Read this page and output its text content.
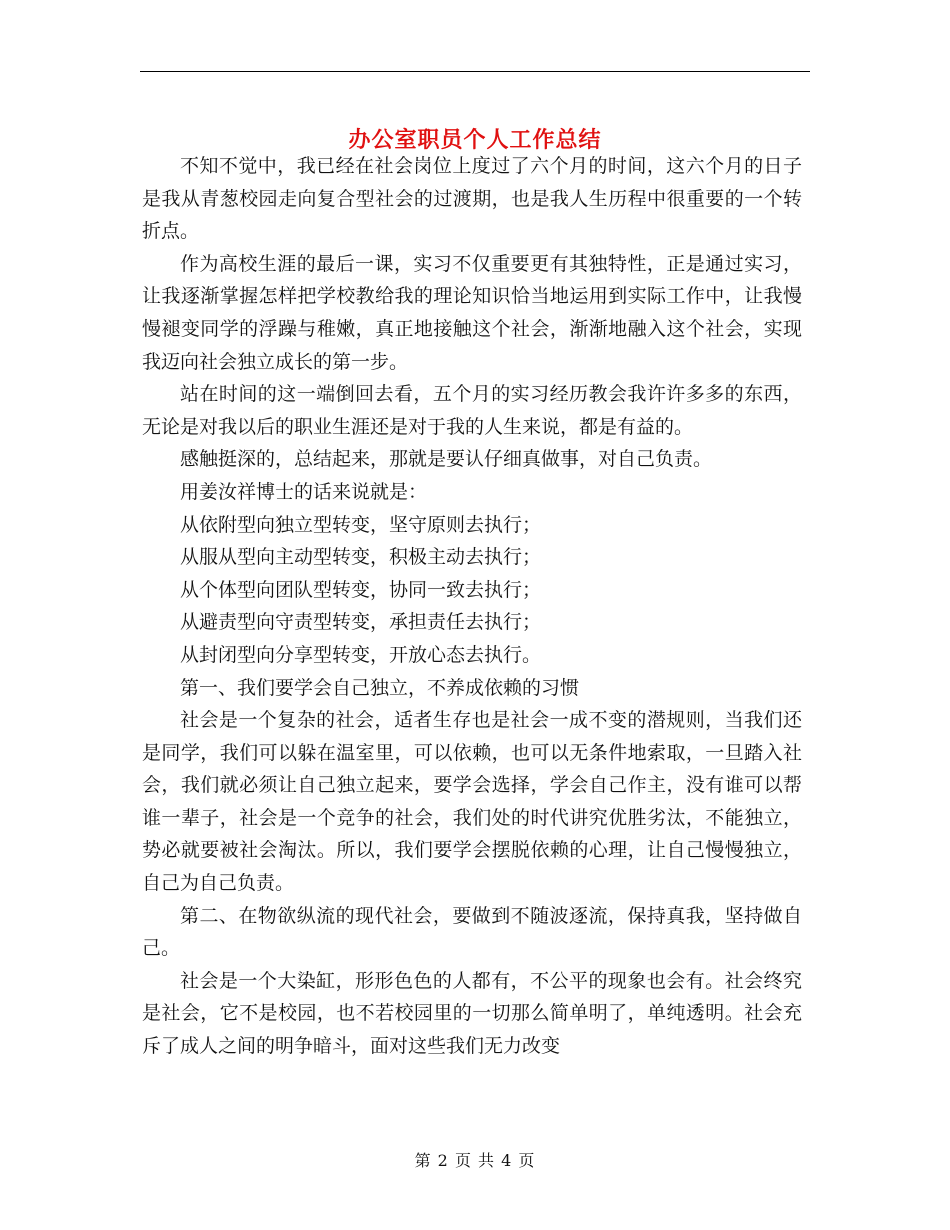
办公室职员个人工作总结

不知不觉中，我已经在社会岗位上度过了六个月的时间，这六个月的日子是我从青葱校园走向复合型社会的过渡期，也是我人生历程中很重要的一个转折点。

作为高校生涯的最后一课，实习不仅重要更有其独特性，正是通过实习，让我逐渐掌握怎样把学校教给我的理论知识恰当地运用到实际工作中，让我慢慢褪变同学的浮躁与稚嫩，真正地接触这个社会，渐渐地融入这个社会，实现我迈向社会独立成长的第一步。

站在时间的这一端倒回去看，五个月的实习经历教会我许许多多的东西，无论是对我以后的职业生涯还是对于我的人生来说，都是有益的。

感触挺深的，总结起来，那就是要认仔细真做事，对自己负责。

用姜汝祥博士的话来说就是：

从依附型向独立型转变，坚守原则去执行；

从服从型向主动型转变，积极主动去执行；

从个体型向团队型转变，协同一致去执行；

从避责型向守责型转变，承担责任去执行；

从封闭型向分享型转变，开放心态去执行。

第一、我们要学会自己独立，不养成依赖的习惯

社会是一个复杂的社会，适者生存也是社会一成不变的潜规则，当我们还是同学，我们可以躲在温室里，可以依赖，也可以无条件地索取，一旦踏入社会，我们就必须让自己独立起来，要学会选择，学会自己作主，没有谁可以帮谁一辈子，社会是一个竞争的社会，我们处的时代讲究优胜劣汰，不能独立，势必就要被社会淘汰。所以，我们要学会摆脱依赖的心理，让自己慢慢独立，自己为自己负责。

第二、在物欲纵流的现代社会，要做到不随波逐流，保持真我，坚持做自己。

社会是一个大染缸，形形色色的人都有，不公平的现象也会有。社会终究是社会，它不是校园，也不若校园里的一切那么简单明了，单纯透明。社会充斥了成人之间的明争暗斗，面对这些我们无力改变

第 2 页 共 4 页
